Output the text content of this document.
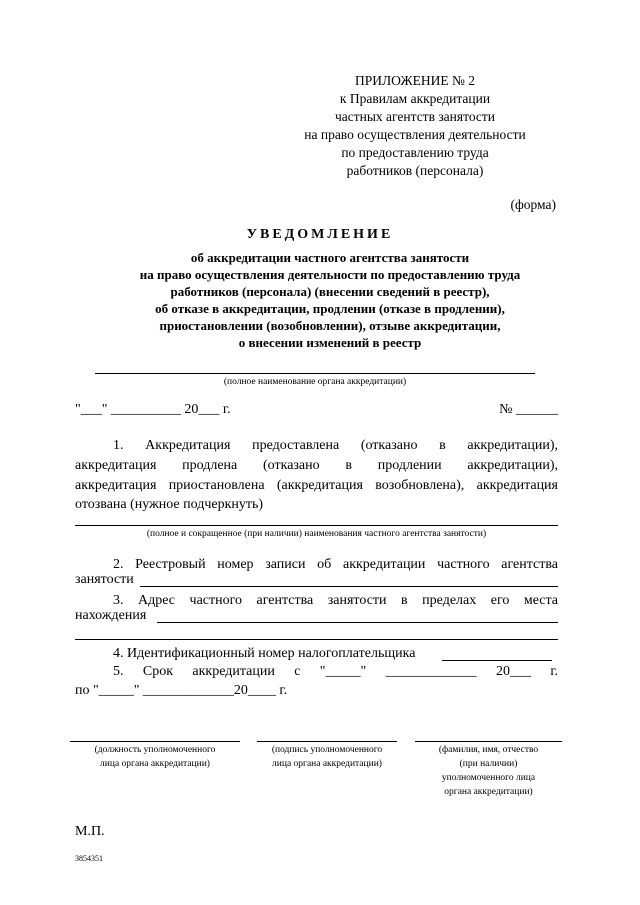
ПРИЛОЖЕНИЕ № 2
к Правилам аккредитации
частных агентств занятости
на право осуществления деятельности
по предоставлению труда
работников (персонала)
(форма)
УВЕДОМЛЕНИЕ
об аккредитации частного агентства занятости
на право осуществления деятельности по предоставлению труда
работников (персонала) (внесении сведений в реестр),
об отказе в аккредитации, продлении (отказе в продлении),
приостановлении (возобновлении), отзыве аккредитации,
о внесении изменений в реестр
(полное наименование органа аккредитации)
"___" __________ 20___ г.	№ ______
1. Аккредитация предоставлена (отказано в аккредитации),
аккредитация продлена (отказано в продлении аккредитации),
аккредитация приостановлена (аккредитация возобновлена), аккредитация
отозвана (нужное подчеркнуть)
(полное и сокращенное (при наличии) наименования частного агентства занятости)
2. Реестровый номер записи об аккредитации частного агентства
занятости
3. Адрес частного агентства занятости в пределах его места
нахождения
4. Идентификационный номер налогоплательщика
5. Срок аккредитации с "_____" _____________ 20___ г.
по "_____" _____________20____ г.
(должность уполномоченного
лица органа аккредитации)
(подпись уполномоченного
лица органа аккредитации)
(фамилия, имя, отчество
(при наличии)
уполномоченного лица
органа аккредитации)
М.П.
3854351
